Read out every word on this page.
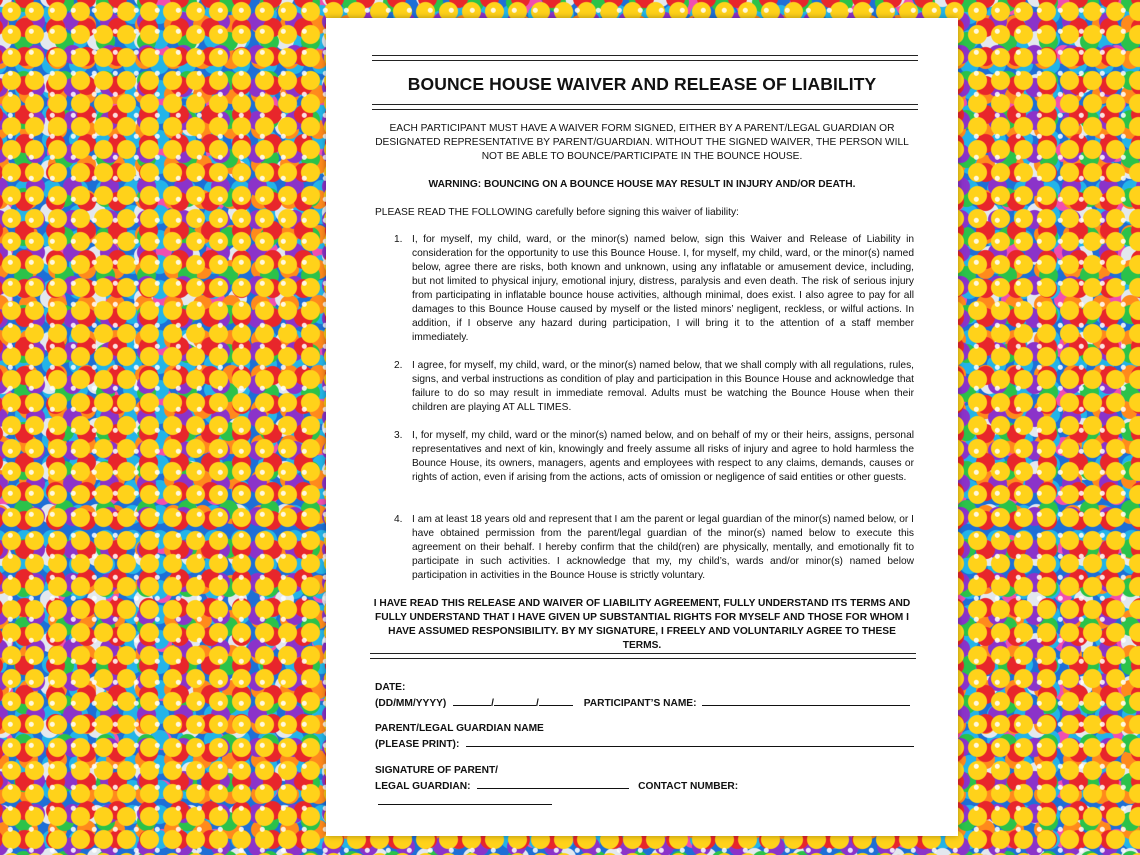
BOUNCE HOUSE WAIVER AND RELEASE OF LIABILITY
EACH PARTICIPANT MUST HAVE A WAIVER FORM SIGNED, EITHER BY A PARENT/LEGAL GUARDIAN OR DESIGNATED REPRESENTATIVE BY PARENT/GUARDIAN. WITHOUT THE SIGNED WAIVER, THE PERSON WILL NOT BE ABLE TO BOUNCE/PARTICIPATE IN THE BOUNCE HOUSE.
WARNING: BOUNCING ON A BOUNCE HOUSE MAY RESULT IN INJURY AND/OR DEATH.
PLEASE READ THE FOLLOWING carefully before signing this waiver of liability:
1. I, for myself, my child, ward, or the minor(s) named below, sign this Waiver and Release of Liability in consideration for the opportunity to use this Bounce House. I, for myself, my child, ward, or the minor(s) named below, agree there are risks, both known and unknown, using any inflatable or amusement device, including, but not limited to physical injury, emotional injury, distress, paralysis and even death. The risk of serious injury from participating in inflatable bounce house activities, although minimal, does exist. I also agree to pay for all damages to this Bounce House caused by myself or the listed minors’ negligent, reckless, or wilful actions. In addition, if I observe any hazard during participation, I will bring it to the attention of a staff member immediately.
2. I agree, for myself, my child, ward, or the minor(s) named below, that we shall comply with all regulations, rules, signs, and verbal instructions as condition of play and participation in this Bounce House and acknowledge that failure to do so may result in immediate removal. Adults must be watching the Bounce House when their children are playing AT ALL TIMES.
3. I, for myself, my child, ward or the minor(s) named below, and on behalf of my or their heirs, assigns, personal representatives and next of kin, knowingly and freely assume all risks of injury and agree to hold harmless the Bounce House, its owners, managers, agents and employees with respect to any claims, demands, causes or rights of action, even if arising from the actions, acts of omission or negligence of said entities or other guests.
4. I am at least 18 years old and represent that I am the parent or legal guardian of the minor(s) named below, or I have obtained permission from the parent/legal guardian of the minor(s) named below to execute this agreement on their behalf. I hereby confirm that the child(ren) are physically, mentally, and emotionally fit to participate in such activities. I acknowledge that my, my child’s, wards and/or minor(s) named below participation in activities in the Bounce House is strictly voluntary.
I HAVE READ THIS RELEASE AND WAIVER OF LIABILITY AGREEMENT, FULLY UNDERSTAND ITS TERMS AND FULLY UNDERSTAND THAT I HAVE GIVEN UP SUBSTANTIAL RIGHTS FOR MYSELF AND THOSE FOR WHOM I HAVE ASSUMED RESPONSIBILITY. BY MY SIGNATURE, I FREELY AND VOLUNTARILY AGREE TO THESE TERMS.
DATE:
(DD/MM/YYYY)	/	/	PARTICIPANT’S NAME:
PARENT/LEGAL GUARDIAN NAME
(PLEASE PRINT):
SIGNATURE OF PARENT/
LEGAL GUARDIAN:	CONTACT NUMBER:
